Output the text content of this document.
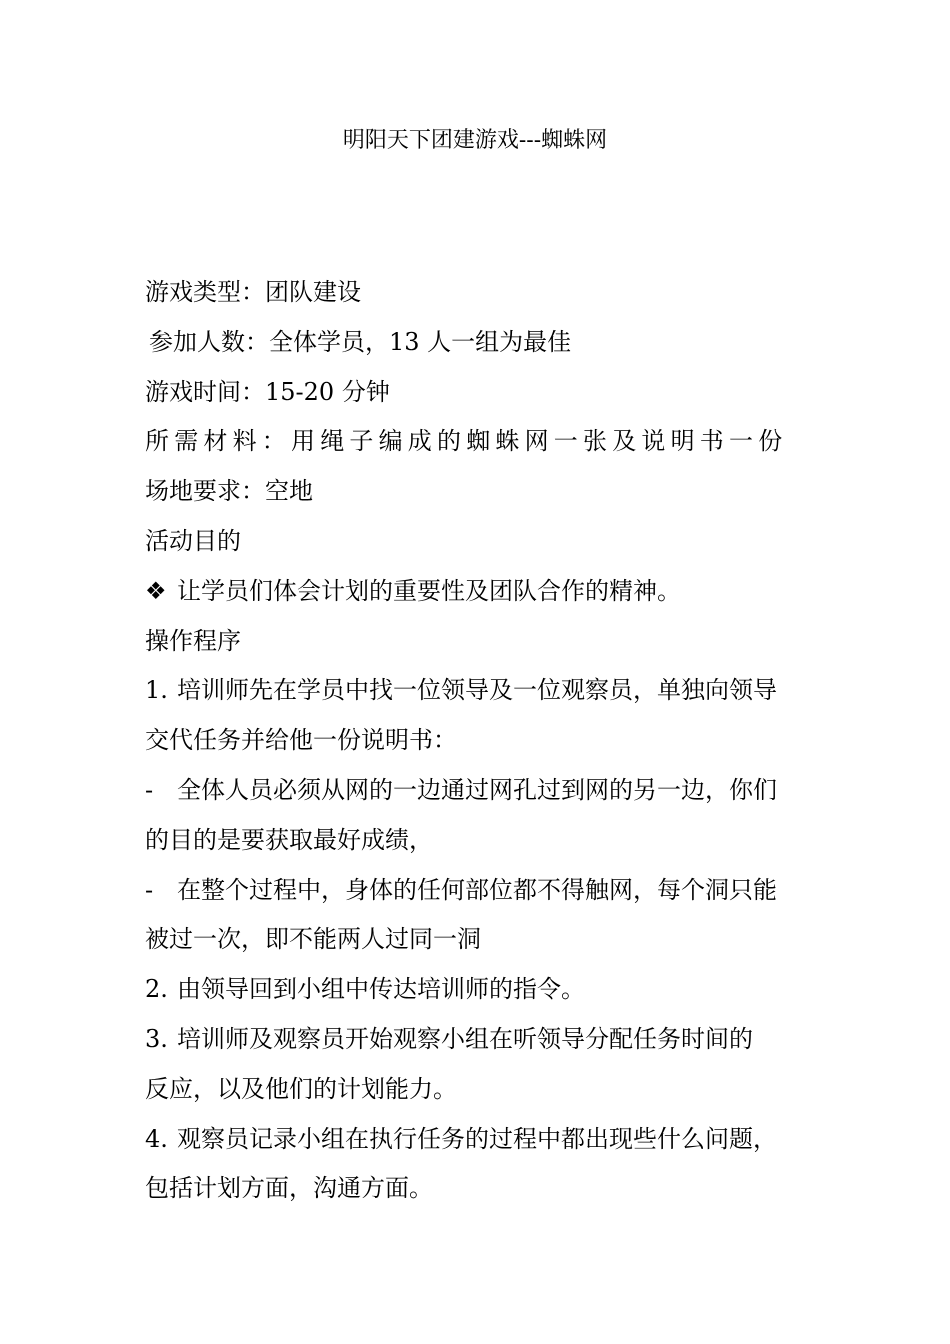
明阳天下团建游戏---蜘蛛网
游戏类型：团队建设
参加人数：全体学员，13 人一组为最佳
游戏时间：15-20 分钟
所需材料：用绳子编成的蜘蛛网一张及说明书一份
场地要求：空地
活动目的
❖ 让学员们体会计划的重要性及团队合作的精神。
操作程序
1. 培训师先在学员中找一位领导及一位观察员，单独向领导
交代任务并给他一份说明书：
- 全体人员必须从网的一边通过网孔过到网的另一边，你们
的目的是要获取最好成绩，
- 在整个过程中，身体的任何部位都不得触网，每个洞只能
被过一次，即不能两人过同一洞
2. 由领导回到小组中传达培训师的指令。
3. 培训师及观察员开始观察小组在听领导分配任务时间的
反应，以及他们的计划能力。
4. 观察员记录小组在执行任务的过程中都出现些什么问题，
包括计划方面，沟通方面。
